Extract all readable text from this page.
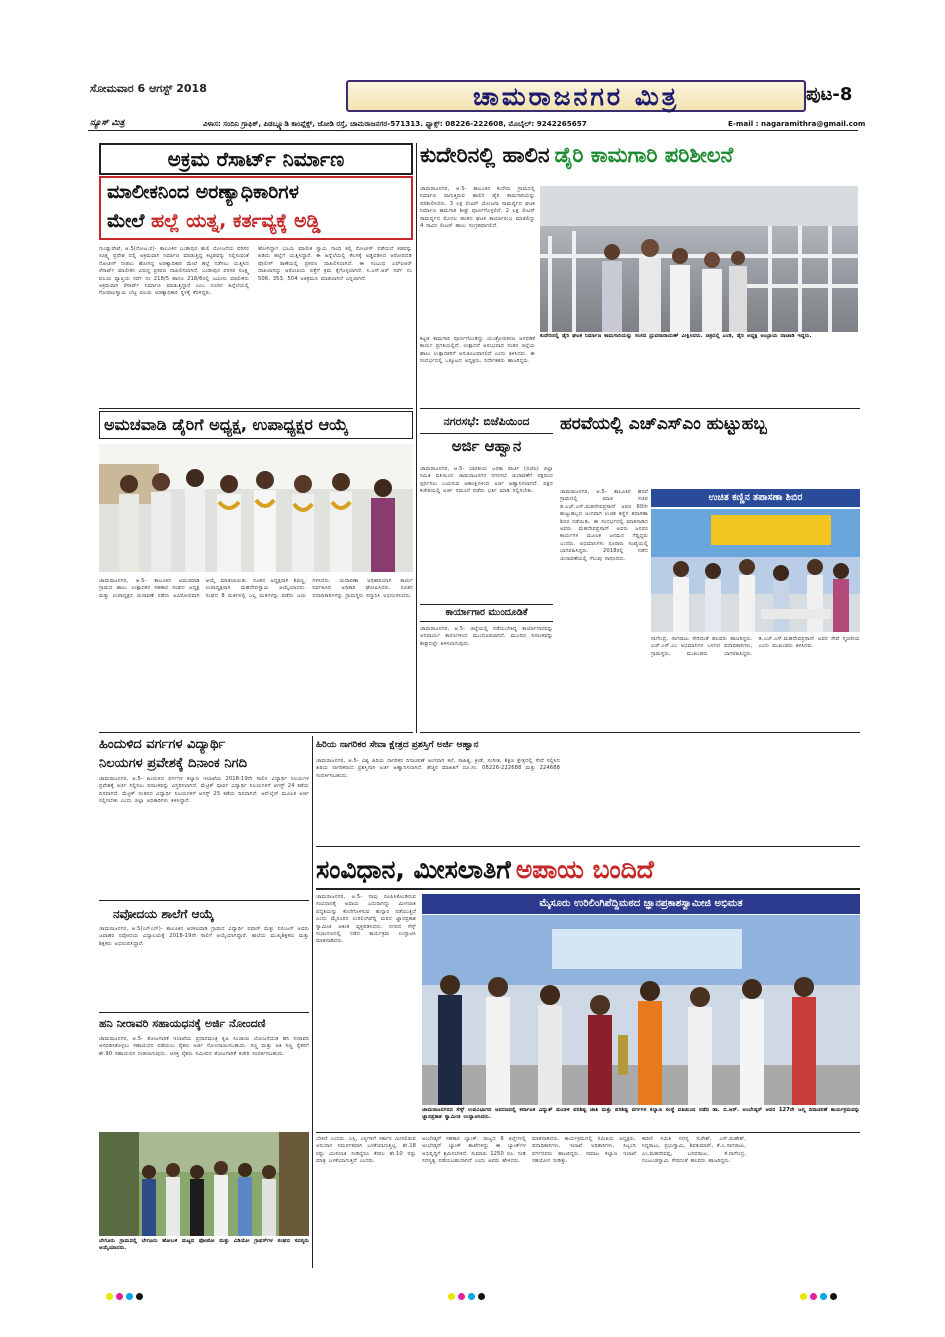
ಸೋಮವಾರ 6 ಆಗಸ್ಟ್ 2018	ಚಾಮರಾಜನಗರ ಮಿತ್ರ	ಪುಟ-8
ನ್ಯೂಸ್ ಮಿತ್ರ	ವಿಳಾಸ: ಸಂದಿನಿ ಗ್ರಾಫಿಕ್, ಪಿಡಬ್ಲ್ಯೂಡಿ ಕಾಂಪ್ಲೆಕ್ಸ್, ಜೋಡಿ ರಸ್ತೆ, ಚಾಮರಾಜನಗರ-571313. ಫ್ಯಾಕ್ಸ್: 08226-222608, ಮೊಬೈಲ್: 9242265657	E-mail : nagaramithra@gmail.com
ಅಕ್ರಮ ರೆಸಾರ್ಟ್ ನಿರ್ಮಾಣ
ಮಾಲೀಕನಿಂದ ಅರಣ್ಯಾಧಿಕಾರಿಗಳ
ಮೇಲೆ ಹಲ್ಲೆ ಯತ್ನ, ಕರ್ತವ್ಯಕ್ಕೆ ಅಡ್ಡಿ
ಗುಂಡ್ಲುಪೇಟೆ, ಆ.5(ನೋಟ.ಪ)- ತಾಲೂಕಿನ ಬಂಡೀಪುರ ಹುಲಿ ಯೋಜನೆಯ ಪರಿಸರ ಸೂಕ್ಷ್ಮ ಪ್ರದೇಶ ದಲ್ಲಿ ಅಕ್ರಮವಾಗಿ ನಿರ್ಮಾಣ ಮಾಡುತ್ತಿದ್ದ ಕಟ್ಟಡವನ್ನು ನಿಲ್ಲಿಸುವಂತೆ ನೋಟೀಸ್ ನೀಡಲು ಹೋಗಿದ್ದ ಅರಣ್ಯಾಧಿಕಾರಿ ಮೇಲೆ ಹಲ್ಲೆ ನಡೆಸಲು ಯತ್ನಿಸಿದ ರೆಸಾರ್ಟ್ ಮಾಲೀಕನ ವಿರುದ್ಧ ಪ್ರಕರಣ ದಾಖಲಿಸಲಾಗಿದೆ. ಬಂಡೀಪುರ ಪರಿಸರ ಸೂಕ್ಷ್ಮ ವಲಯ ವ್ಯಾಪ್ತಿಯ ಸರ್ವೆ ನಂ 218/5 ಹಾಗೂ 218/6ರಲ್ಲಿ ಜಮೀನು ಮಾಲೀಕರು ಅಕ್ರಮವಾಗಿ ರೆಸಾರ್ಟ್ ನಿರ್ಮಾಣ ಮಾಡುತ್ತಿದ್ದಾರೆ ಎಂಬ ದೂರಿನ ಹಿನ್ನೆಲೆಯಲ್ಲಿ ಗೋಪಾಲಸ್ವಾಮಿ ಬೆಟ್ಟ ವಲಯ ಅರಣ್ಯಾಧಿಕಾರಿ ಸ್ಥಳಕ್ಕೆ ತೆರಳಿದ್ದರು.
ಹೋಗಿದ್ದಾಗ ಭೂಮಿ ಮಾಲೀಕ ಸ್ವಾಮಿ ಗಾಂಧಿ ಕಲ್ಲಿ ನೋಟೀಸ್ ಪಡೆಯದೆ ಕಡವನ್ನು ಹಿಡಿದು ಹಲ್ಲೆಗೆ ಯತ್ನಿಸಿದ್ದಾರೆ. ಈ ಹಿನ್ನೆಲೆಯಲ್ಲಿ ಕೆಲಸಕ್ಕೆ ಅಡ್ಡಿಪಡಿಸಿದ ಆರೋಪದಡಿ ಪೊಲೀಸ್ ಠಾಣೆಯಲ್ಲಿ ಪ್ರಕರಣ ದಾಖಲಿಸಲಾಗಿದೆ. ಈ ಸಂಬಂಧ ಎಫ್‌ಐಆರ್ ದಾಖಲಾಗಿದ್ದು ಆರೋಪಿಯ ಪತ್ತೆಗೆ ಕ್ರಮ ಕೈಗೊಳ್ಳಲಾಗಿದೆ. ಸಿ.ಎಸ್.ಆರ್ ಸರ್ವೆ ನಂ 506, 353, 504 ಅತಿಕ್ರಮಣ ಮಾಡಲಾಗಿದೆ ಎನ್ನಲಾಗಿದೆ.
ಕುದೇರಿನಲ್ಲಿ ಹಾಲಿನ ಡೈರಿ ಕಾಮಗಾರಿ ಪರಿಶೀಲನೆ
ಚಾಮರಾಜನಗರ, ಆ.5- ತಾಲೂಕಿನ ಕುದೇರು ಗ್ರಾಮದಲ್ಲಿ ನಿರ್ಮಾಣ ವಾಗುತ್ತಿರುವ ಹಾಲಿನ ಡೈರಿ ಕಾಮಗಾರಿಯನ್ನು ಪರಿಶೀಲಿಸಿದರು. 3 ಲಕ್ಷ ಲೀಟರ್ ಯೋಜನಾ ಸಾಮರ್ಥ್ಯದ ಘಟಕ ನಿರ್ಮಾಣ ಕಾಮಗಾರಿ ಶೀಘ್ರ ಪೂರ್ಣಗೊಳ್ಳಲಿದೆ. 2 ಲಕ್ಷ ಲೀಟರ್ ಸಾಮರ್ಥ್ಯದ ಮೊದಲ ಹಂತದ ಘಟಕ ಕಾರ್ಯಾರಂಭ ಮಾಡಲಿದ್ದು 4 ಸಾವಿರ ಲೀಟರ್ ಹಾಲು ಸಂಗ್ರಹವಾಗಲಿದೆ.
ಕುದೇರಿನಲ್ಲಿ ಡೈರಿ ಘಟಕ ನಿರ್ಮಾಣ ಕಾಮಗಾರಿಯನ್ನು ಸಂಸದ ಧ್ರುವನಾರಾಯಣ್ ವೀಕ್ಷಿಸಿದರು. ಚಿತ್ರದಲ್ಲಿ ಎಂಡಿ, ಡೈರಿ ಅಧ್ಯಕ್ಷ ಅಂಬ್ರಾಯ ದಾಚಾಡಿ ಇದ್ದರು.
ಕಟ್ಟಡ ಕಾಮಗಾರಿ ಪೂರ್ಣಗೊಂಡಿದ್ದು ಯಂತ್ರೋಪಕರಣ ಅಳವಡಿಕೆ ಕಾರ್ಯ ಪ್ರಗತಿಯಲ್ಲಿದೆ. ಉತ್ಪಾದನೆ ಆರಂಭವಾದ ನಂತರ ಜಿಲ್ಲೆಯ ಹಾಲು ಉತ್ಪಾದಕರಿಗೆ ಅನುಕೂಲವಾಗಲಿದೆ ಎಂದು ತಿಳಿಸಿದರು. ಈ ಸಂದರ್ಭದಲ್ಲಿ ಒಕ್ಕೂಟದ ಅಧ್ಯಕ್ಷರು, ನಿರ್ದೇಶಕರು ಹಾಜರಿದ್ದರು.
ಅಮಚವಾಡಿ ಡೈರಿಗೆ ಅಧ್ಯಕ್ಷ, ಉಪಾಧ್ಯಕ್ಷರ ಆಯ್ಕೆ
ಚಾಮರಾಜನಗರ, ಆ.5- ತಾಲೂಕಿನ ಅಮಚವಾಡಿ ಗ್ರಾಮದ ಹಾಲು ಉತ್ಪಾದಕರ ಸಹಕಾರ ಸಂಘದ ಅಧ್ಯಕ್ಷ ಮತ್ತು ಉಪಾಧ್ಯಕ್ಷರ ಚುನಾವಣೆ ನಡೆದು ಅವಿರೋಧವಾಗಿ ಆಯ್ಕೆ ಮಾಡಲಾಯಿತು. ನೂತನ ಅಧ್ಯಕ್ಷರಾಗಿ ಶಿವಣ್ಣ, ಉಪಾಧ್ಯಕ್ಷರಾಗಿ ಮಹದೇವಸ್ವಾಮಿ ಆಯ್ಕೆಯಾದರು. ಸಂಘದ 8 ಮತಗಳಲ್ಲಿ ಎಲ್ಲ ಮತಗಳನ್ನು ಪಡೆದು ಜಯ ಗಳಿಸಿದರು. ಚುನಾವಣಾ ಅಧಿಕಾರಿಯಾಗಿ ಕಾರ್ಯ ನಿರ್ವಹಿಸಿದ ಅಧಿಕಾರಿ ಘೋಷಿಸಿದರು. ನೂತನ ಪದಾಧಿಕಾರಿಗಳನ್ನು ಗ್ರಾಮಸ್ಥರು ಸನ್ಮಾನಿಸಿ ಅಭಿನಂದಿಸಿದರು.
ನಗರಸಭೆ: ಬಿಜೆಪಿಯಿಂದ
ಅರ್ಜಿ ಆಹ್ವಾನ
ಚಾಮರಾಜನಗರ, ಆ.5- ಭಾರತೀಯ ಜನತಾ ಪಾರ್ಟಿ (ಬಿಜೆಪಿ) ಜಿಲ್ಲಾ ಸಮಿತಿ ವತಿಯಿಂದ ಚಾಮರಾಜನಗರ ನಗರಸಭೆ ಚುನಾವಣೆಗೆ ಪಕ್ಷದಿಂದ ಸ್ಪರ್ಧಿಸಲು ಬಯಸುವ ಆಕಾಂಕ್ಷಿಗಳಿಂದ ಅರ್ಜಿ ಆಹ್ವಾನಿಸಲಾಗಿದೆ. ಪಕ್ಷದ ಕಚೇರಿಯಲ್ಲಿ ಅರ್ಜಿ ನಮೂನೆ ಪಡೆದು ಭರ್ತಿ ಮಾಡಿ ಸಲ್ಲಿಸಬೇಕು.
ಕಾರ್ಯಾಗಾರ ಮುಂದೂಡಿಕೆ
ಚಾಮರಾಜನಗರ, ಆ.5- ಜಿಲ್ಲೆಯಲ್ಲಿ ನಡೆಯಬೇಕಿದ್ದ ಕಾರ್ಯಾಗಾರವನ್ನು ಅನಿವಾರ್ಯ ಕಾರಣಗಳಿಂದ ಮುಂದೂಡಲಾಗಿದೆ. ಮುಂದಿನ ದಿನಾಂಕವನ್ನು ಶೀಘ್ರದಲ್ಲೇ ತಿಳಿಸಲಾಗುವುದು.
ಹರವೆಯಲ್ಲಿ ಎಚ್‌ಎಸ್‌ಎಂ ಹುಟ್ಟುಹಬ್ಬ
ಚಾಮರಾಜನಗರ, ಆ.5- ತಾಲೂಕಿನ ಹರವೆ ಗ್ರಾಮದಲ್ಲಿ ಮಾಜಿ ಸಚಿವ ಡಿ.ಎಚ್.ಎಸ್.ಮಹದೇವಪ್ರಸಾದ್ ಅವರ 60ನೇ ಹುಟ್ಟುಹಬ್ಬದ ಅಂಗವಾಗಿ ಉಚಿತ ಕಣ್ಣಿನ ತಪಾಸಣಾ ಶಿಬಿರ ನಡೆಯಿತು. ಈ ಸಂದರ್ಭದಲ್ಲಿ ಮಾತನಾಡಿದ ಅವರು ಮಹದೇವಪ್ರಸಾದ್ ಅವರು ಜನಪರ ಕಾರ್ಯಗಳ ಮೂಲಕ ಜನಮನ ಗೆದ್ದಿದ್ದರು ಎಂದರು. ಅಭಿಮಾನಿಗಳು ನೂರಾರು ಸಂಖ್ಯೆಯಲ್ಲಿ ಭಾಗವಹಿಸಿದ್ದರು. 2018ರಲ್ಲಿ ನಡೆದ ಚುನಾವಣೆಯಲ್ಲಿ ಗೆಲುವು ಸಾಧಿಸಿದರು.
ಉಚಿತ ಕಣ್ಣಿನ ತಪಾಸಣಾ ಶಿಬಿರ
ನಾಗೇಂದ್ರ, ನಾಗರಾಜು ಸೇರಿದಂತೆ ಹಲವರು ಹಾಜರಿದ್ದರು. ಎಚ್.ಎಸ್.ಎಂ ಅಭಿಮಾನಿಗಳ ಬಳಗದ ಪದಾಧಿಕಾರಿಗಳು, ಗ್ರಾಮಸ್ಥರು, ಮುಖಂಡರು ಭಾಗವಹಿಸಿದ್ದರು. ಡಿ.ಎಚ್.ಎಸ್.ಮಹದೇವಪ್ರಸಾದ್ ಅವರ ಸೇವೆ ಸ್ಮರಣೀಯ ಎಂದು ಮುಖಂಡರು ತಿಳಿಸಿದರು.
ಹಿಂದುಳಿದ ವರ್ಗಗಳ ವಿದ್ಯಾರ್ಥಿ
ನಿಲಯಗಳ ಪ್ರವೇಶಕ್ಕೆ ದಿನಾಂಕ ನಿಗದಿ
ಚಾಮರಾಜನಗರ, ಆ.5- ಹಿಂದುಳಿದ ವರ್ಗಗಳ ಕಲ್ಯಾಣ ಇಲಾಖೆಯ 2018-19ನೇ ಸಾಲಿನ ವಿದ್ಯಾರ್ಥಿ ನಿಲಯಗಳ ಪ್ರವೇಶಕ್ಕೆ ಅರ್ಜಿ ಸಲ್ಲಿಸಲು ದಿನಾಂಕವನ್ನು ವಿಸ್ತರಿಸಲಾಗಿದೆ. ಮೆಟ್ರಿಕ್ ಪೂರ್ವ ವಿದ್ಯಾರ್ಥಿ ನಿಲಯಗಳಿಗೆ ಆಗಸ್ಟ್ 24 ಕಡೆಯ ದಿನವಾಗಿದೆ. ಮೆಟ್ರಿಕ್ ನಂತರದ ವಿದ್ಯಾರ್ಥಿ ನಿಲಯಗಳಿಗೆ ಆಗಸ್ಟ್ 25 ಕಡೆಯ ದಿನವಾಗಿದೆ. ಆನ್‌ಲೈನ್ ಮೂಲಕ ಅರ್ಜಿ ಸಲ್ಲಿಸಬೇಕು ಎಂದು ಜಿಲ್ಲಾ ಅಧಿಕಾರಿಗಳು ತಿಳಿಸಿದ್ದಾರೆ.
ಹಿರಿಯ ನಾಗರಿಕರ ಸೇವಾ ಕ್ಷೇತ್ರದ ಪ್ರಶಸ್ತಿಗೆ ಅರ್ಜಿ ಆಹ್ವಾನ
ಚಾಮರಾಜನಗರ, ಆ.5- ವಿಶ್ವ ಹಿರಿಯ ನಾಗರಿಕರ ದಿನಾಚರಣೆ ಅಂಗವಾಗಿ ಕಲೆ, ಸಾಹಿತ್ಯ, ಕ್ರೀಡೆ, ಸಂಗೀತ, ಶಿಕ್ಷಣ ಕ್ಷೇತ್ರದಲ್ಲಿ ಸೇವೆ ಸಲ್ಲಿಸಿದ ಹಿರಿಯ ನಾಗರಿಕರಿಂದ ಪ್ರಶಸ್ತಿಗಾಗಿ ಅರ್ಜಿ ಆಹ್ವಾನಿಸಲಾಗಿದೆ. ಹೆಚ್ಚಿನ ಮಾಹಿತಿಗೆ ದೂ.ಸಂ. 08226-222688 ಮತ್ತು 224688 ಸಂಪರ್ಕಿಸಬಹುದು.
ಸಂವಿಧಾನ, ಮೀಸಲಾತಿಗೆ ಅಪಾಯ ಬಂದಿದೆ
ನವೋದಯ ಶಾಲೆಗೆ ಆಯ್ಕೆ
ಚಾಮರಾಜನಗರ, ಆ.5(ಎನ್‌ಎನ್)- ತಾಲೂಕಿನ ಅರಕಲವಾಡಿ ಗ್ರಾಮದ ವಿದ್ಯಾರ್ಥಿ ಪವಾರ್ ಮತ್ತು ನಿರಂಜನ್ ಅವರು ಜವಾಹರ ನವೋದಯ ವಿದ್ಯಾಲಯಕ್ಕೆ 2018-19ನೇ ಸಾಲಿಗೆ ಆಯ್ಕೆಯಾಗಿದ್ದಾರೆ. ಶಾಲೆಯ ಮುಖ್ಯಶಿಕ್ಷಕರು ಮತ್ತು ಶಿಕ್ಷಕರು ಅಭಿನಂದಿಸಿದ್ದಾರೆ.
ಹನಿ ನೀರಾವರಿ ಸಹಾಯಧನಕ್ಕೆ ಅರ್ಜಿ ನೋಂದಣಿ
ಚಾಮರಾಜನಗರ, ಆ.5- ತೋಟಗಾರಿಕೆ ಇಲಾಖೆಯ ಪ್ರಧಾನಮಂತ್ರಿ ಕೃಷಿ ಸಿಂಚಾಯಿ ಯೋಜನೆಯಡಿ ಹನಿ ನೀರಾವರಿ ಅಳವಡಿಸಿಕೊಳ್ಳಲು ಸಹಾಯಧನ ಪಡೆಯಲು ರೈತರು ಅರ್ಜಿ ನೋಂದಾಯಿಸಬಹುದು. ಸಣ್ಣ ಮತ್ತು ಅತಿ ಸಣ್ಣ ರೈತರಿಗೆ ಶೇ.90 ಸಹಾಯಧನ ನೀಡಲಾಗುವುದು. ಆಸಕ್ತ ರೈತರು ಸಮೀಪದ ತೋಟಗಾರಿಕೆ ಕಚೇರಿ ಸಂಪರ್ಕಿಸಬಹುದು.
ಬೇಗೂರು ಗ್ರಾಮದಲ್ಲಿ ಬೇಗೂರು ಹೋಬಳಿ ಮಟ್ಟದ ಫೋಟೋ ಮತ್ತು ವಿಡಿಯೋ ಗ್ರಾಫರ್‌ಗಳ ಸಂಘದ ಸದಸ್ಯರು ಆಯ್ಕೆಯಾದರು.
ಚಾಮರಾಜನಗರ, ಆ.5- ನಾವು ರೂಪಿಸಿಕೊಂಡಿರುವ ಸಂವಿಧಾನಕ್ಕೆ ಅಪಾಯ ಎದುರಾಗಿದ್ದು ಮೀಸಲಾತಿ ಪದ್ಧತಿಯನ್ನು ಕೊನೆಗೊಳಿಸುವ ಹುನ್ನಾರ ನಡೆಯುತ್ತಿದೆ ಎಂದು ಮೈಸೂರಿನ ಉರಿಲಿಂಗಿಪೆದ್ದಿ ಮಠದ ಜ್ಞಾನಪ್ರಕಾಶ ಸ್ವಾಮೀಜಿ ಆತಂಕ ವ್ಯಕ್ತಪಡಿಸಿದರು. ನಗರದ ಸೆಸ್ಕ್ ಸಭಾಂಗಣದಲ್ಲಿ ನಡೆದ ಕಾರ್ಯಕ್ರಮ ಉದ್ಘಾಟಿಸಿ ಮಾತನಾಡಿದರು.
ಮೈಸೂರು ಉರಿಲಿಂಗಿಪೆದ್ದಿಮಠದ ಜ್ಞಾನಪ್ರಕಾಶಸ್ವಾಮೀಜಿ ಅಭಿಮತ
ಚಾಮರಾಜನಗರದ ಸೆಸ್ಕ್ ಉಪವಿಭಾಗದ ಆವರಣದಲ್ಲಿ ಕರ್ನಾಟಕ ವಿದ್ಯುತ್ ಮಂಡಳಿ ಪರಿಶಿಷ್ಟ ಜಾತಿ ಮತ್ತು ಪರಿಶಿಷ್ಟ ವರ್ಗಗಳ ಕಲ್ಯಾಣ ಸಂಸ್ಥೆ ವತಿಯಿಂದ ನಡೆದ ಡಾ. ಬಿ.ಆರ್. ಅಂಬೇಡ್ಕರ್ ಅವರ 127ನೇ ಜನ್ಮ ದಿನಾಚರಣೆ ಕಾರ್ಯಕ್ರಮವನ್ನು ಜ್ಞಾನಪ್ರಕಾಶ ಸ್ವಾಮೀಜಿ ಉದ್ಘಾಟಿಸಿದರು.
ಬೇಕಿದೆ ಎಂದರು. ಎಸ್ಸಿ, ಎಸ್ಟಿಗಳಿಗೆ ಸರ್ಕಾರ ಮೀಸಲಿಡುವ ಅನುದಾನ ಸಮರ್ಪಕವಾಗಿ ಬಳಕೆಯಾಗುತ್ತಿಲ್ಲ. ಶೇ.18 ರಷ್ಟು ಮೀಸಲಾತಿ ನೀಡಿದ್ದರೂ ಕೇವಲ ಶೇ.10 ರಷ್ಟು ಮಾತ್ರ ಬಳಕೆಯಾಗುತ್ತಿದೆ ಎಂದರು.
ಅಂಬೇಡ್ಕರ್ ಸಹಕಾರ ಬ್ಯಾಂಕ್: ರಾಜ್ಯದ 8 ಜಿಲ್ಲೆಗಳಲ್ಲಿ ಅಂಬೇಡ್ಕರ್ ಬ್ಯಾಂಕ್ ಶಾಖೆಗಳಿದ್ದು ಈ ಬ್ಯಾಂಕ್‌ಗಳ ಅಭಿವೃದ್ಧಿಗೆ ಶ್ರಮಿಸಬೇಕಿದೆ. ಸುಮಾರು 1250 ರೂ. ನೀಡಿ ಸದಸ್ಯತ್ವ ಪಡೆಯಬಹುದಾಗಿದೆ ಎಂದು ಅವರು ಹೇಳಿದರು.
ಮಾತನಾಡಿದರು. ಕಾರ್ಯಕ್ರಮದಲ್ಲಿ ಸಮಿತಿಯ ಅಧ್ಯಕ್ಷರು, ಪದಾಧಿಕಾರಿಗಳು, ಇಲಾಖೆ ಅಧಿಕಾರಿಗಳು, ಸಿಬ್ಬಂದಿ ವರ್ಗದವರು ಹಾಜರಿದ್ದರು. ಸಮಾಜ ಕಲ್ಯಾಣ ಇಲಾಖೆ ಸಹಯೋಗ ನೀಡಿತ್ತು.
ಕಾರಿಣಿ ಸಮಿತಿ ಸದಸ್ಯ ಸುರೇಶ್, ಎಸ್.ಮಹೇಶ್, ಸಿದ್ದರಾಜು, ಪ್ರಭುಸ್ವಾಮಿ, ಶಿವಕುಮಾರ್, ಕೆ.ಎ.ನಾಗರಾಜು, ಎಂ.ಮಹದೇವಪ್ಪ, ಬಸವರಾಜು, ಕೆ.ನಾಗೇಂದ್ರ, ನಂಜುಂಡಸ್ವಾಮಿ ಸೇರಿದಂತೆ ಹಲವರು ಹಾಜರಿದ್ದರು.
